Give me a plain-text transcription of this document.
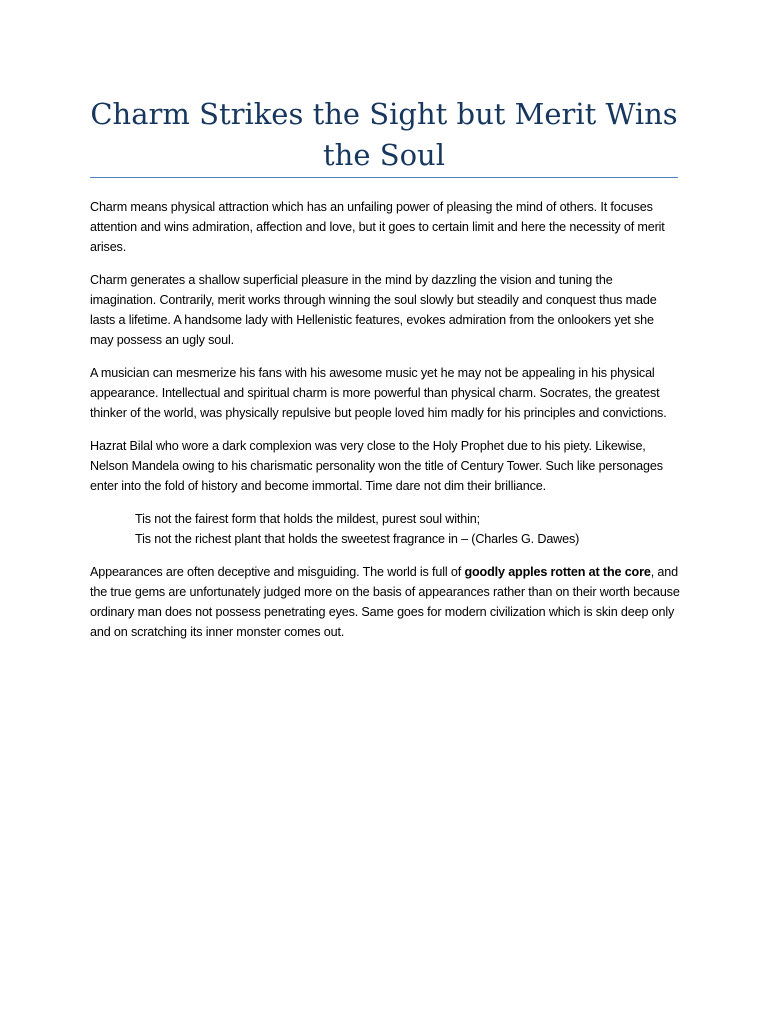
Charm Strikes the Sight but Merit Wins the Soul

Charm means physical attraction which has an unfailing power of pleasing the mind of others. It focuses attention and wins admiration, affection and love, but it goes to certain limit and here the necessity of merit arises.

Charm generates a shallow superficial pleasure in the mind by dazzling the vision and tuning the imagination. Contrarily, merit works through winning the soul slowly but steadily and conquest thus made lasts a lifetime. A handsome lady with Hellenistic features, evokes admiration from the onlookers yet she may possess an ugly soul.

A musician can mesmerize his fans with his awesome music yet he may not be appealing in his physical appearance. Intellectual and spiritual charm is more powerful than physical charm. Socrates, the greatest thinker of the world, was physically repulsive but people loved him madly for his principles and convictions.

Hazrat Bilal who wore a dark complexion was very close to the Holy Prophet due to his piety. Likewise, Nelson Mandela owing to his charismatic personality won the title of Century Tower. Such like personages enter into the fold of history and become immortal. Time dare not dim their brilliance.

Tis not the fairest form that holds the mildest, purest soul within;
Tis not the richest plant that holds the sweetest fragrance in – (Charles G. Dawes)

Appearances are often deceptive and misguiding. The world is full of goodly apples rotten at the core, and the true gems are unfortunately judged more on the basis of appearances rather than on their worth because ordinary man does not possess penetrating eyes. Same goes for modern civilization which is skin deep only and on scratching its inner monster comes out.
